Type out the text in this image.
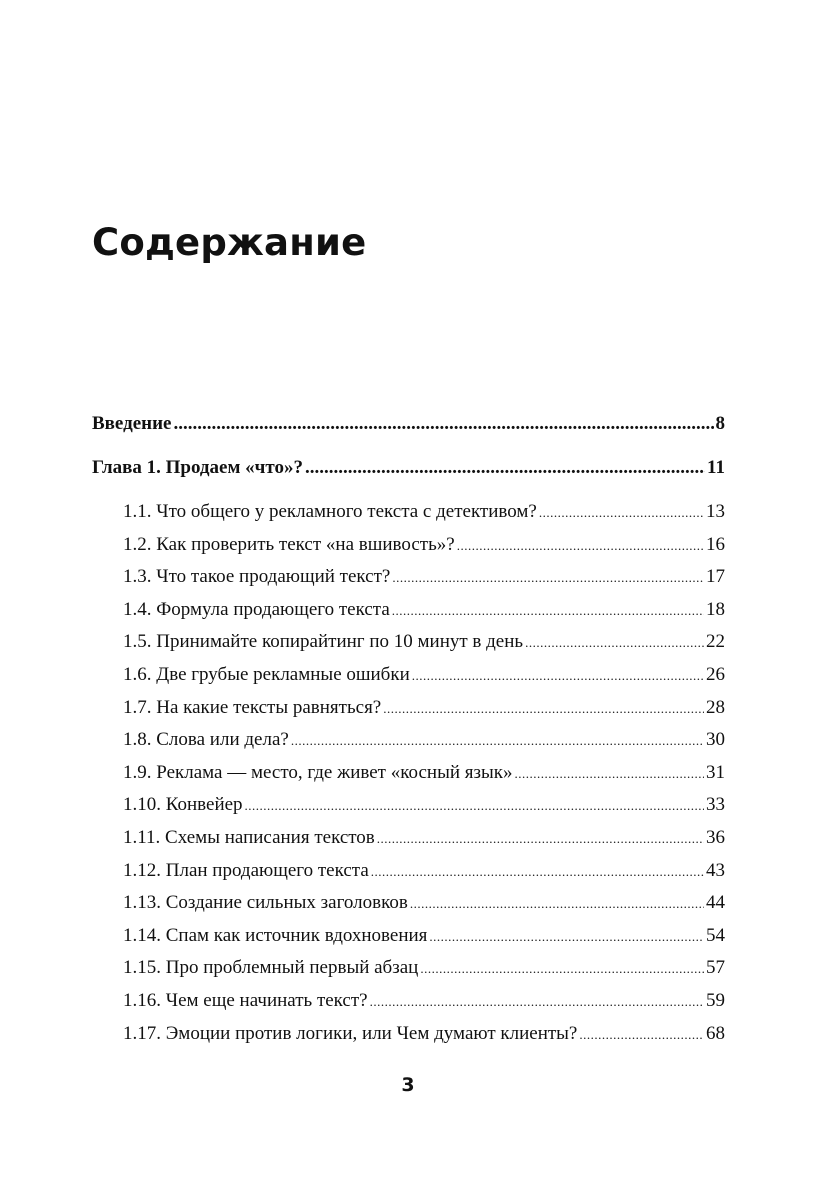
Содержание
Введение .....	8
Глава 1. Продаем «что»? .....	11
1.1. Что общего у рекламного текста с детективом? .....	13
1.2. Как проверить текст «на вшивость»? .....	16
1.3. Что такое продающий текст? .....	17
1.4. Формула продающего текста .....	18
1.5. Принимайте копирайтинг по 10 минут в день .....	22
1.6. Две грубые рекламные ошибки .....	26
1.7. На какие тексты равняться? .....	28
1.8. Слова или дела? .....	30
1.9. Реклама — место, где живет «косный язык» .....	31
1.10. Конвейер .....	33
1.11. Схемы написания текстов .....	36
1.12. План продающего текста .....	43
1.13. Создание сильных заголовков .....	44
1.14. Спам как источник вдохновения .....	54
1.15. Про проблемный первый абзац .....	57
1.16. Чем еще начинать текст? .....	59
1.17. Эмоции против логики, или Чем думают клиенты? .....	68
3
